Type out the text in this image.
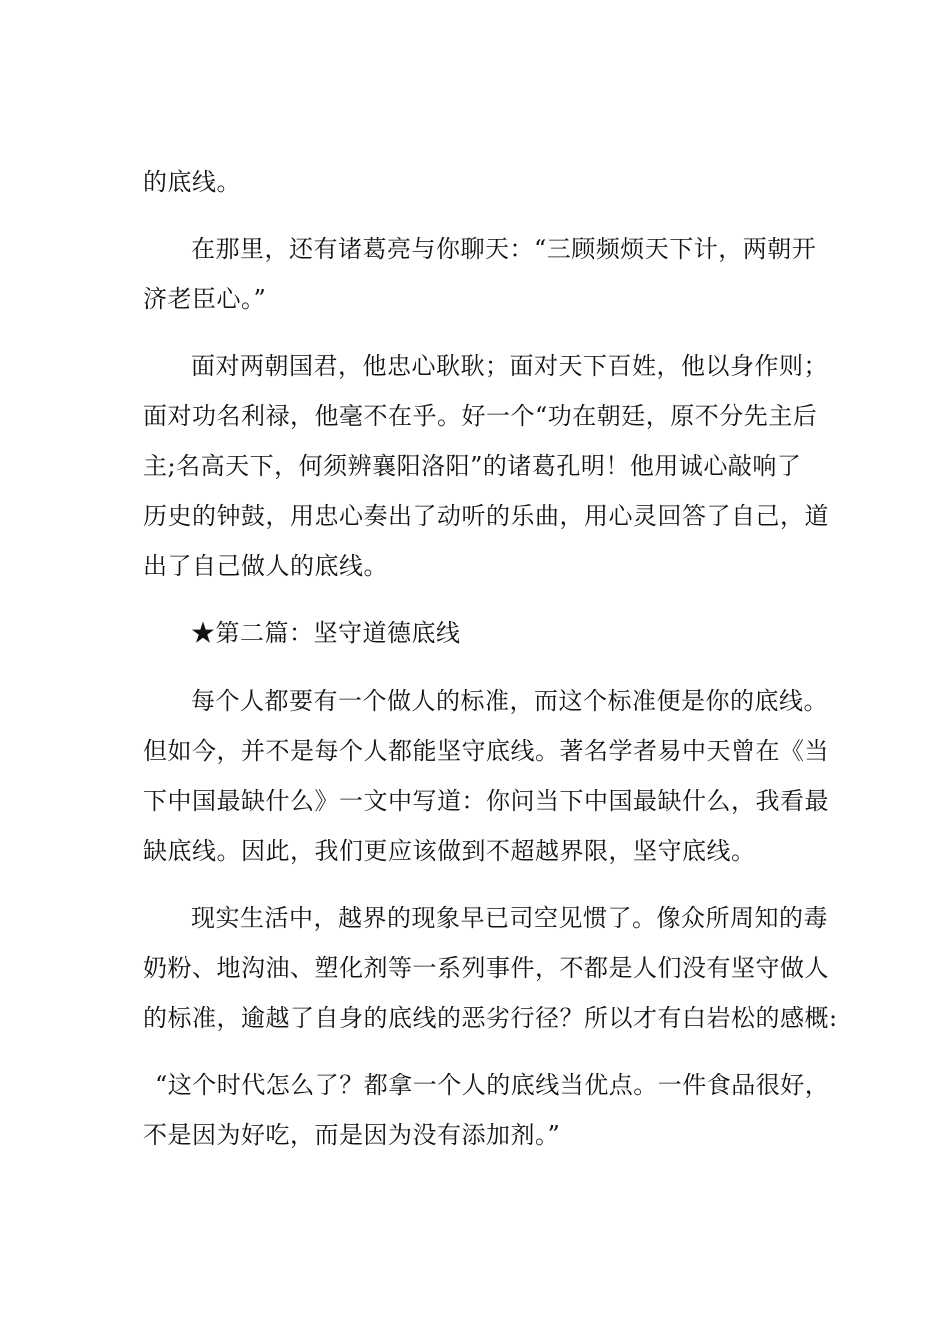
的底线。
在那里，还有诸葛亮与你聊天：“三顾频烦天下计，两朝开
济老臣心。”
面对两朝国君，他忠心耿耿；面对天下百姓，他以身作则；
面对功名利禄，他毫不在乎。好一个“功在朝廷，原不分先主后
主;名高天下，何须辨襄阳洛阳”的诸葛孔明！他用诚心敲响了
历史的钟鼓，用忠心奏出了动听的乐曲，用心灵回答了自己，道
出了自己做人的底线。
★第二篇：坚守道德底线
每个人都要有一个做人的标准，而这个标准便是你的底线。
但如今，并不是每个人都能坚守底线。著名学者易中天曾在《当
下中国最缺什么》一文中写道：你问当下中国最缺什么，我看最
缺底线。因此，我们更应该做到不超越界限，坚守底线。
现实生活中，越界的现象早已司空见惯了。像众所周知的毒
奶粉、地沟油、塑化剂等一系列事件，不都是人们没有坚守做人
的标准，逾越了自身的底线的恶劣行径？所以才有白岩松的感概:
“这个时代怎么了？都拿一个人的底线当优点。一件食品很好，
不是因为好吃，而是因为没有添加剂。”
